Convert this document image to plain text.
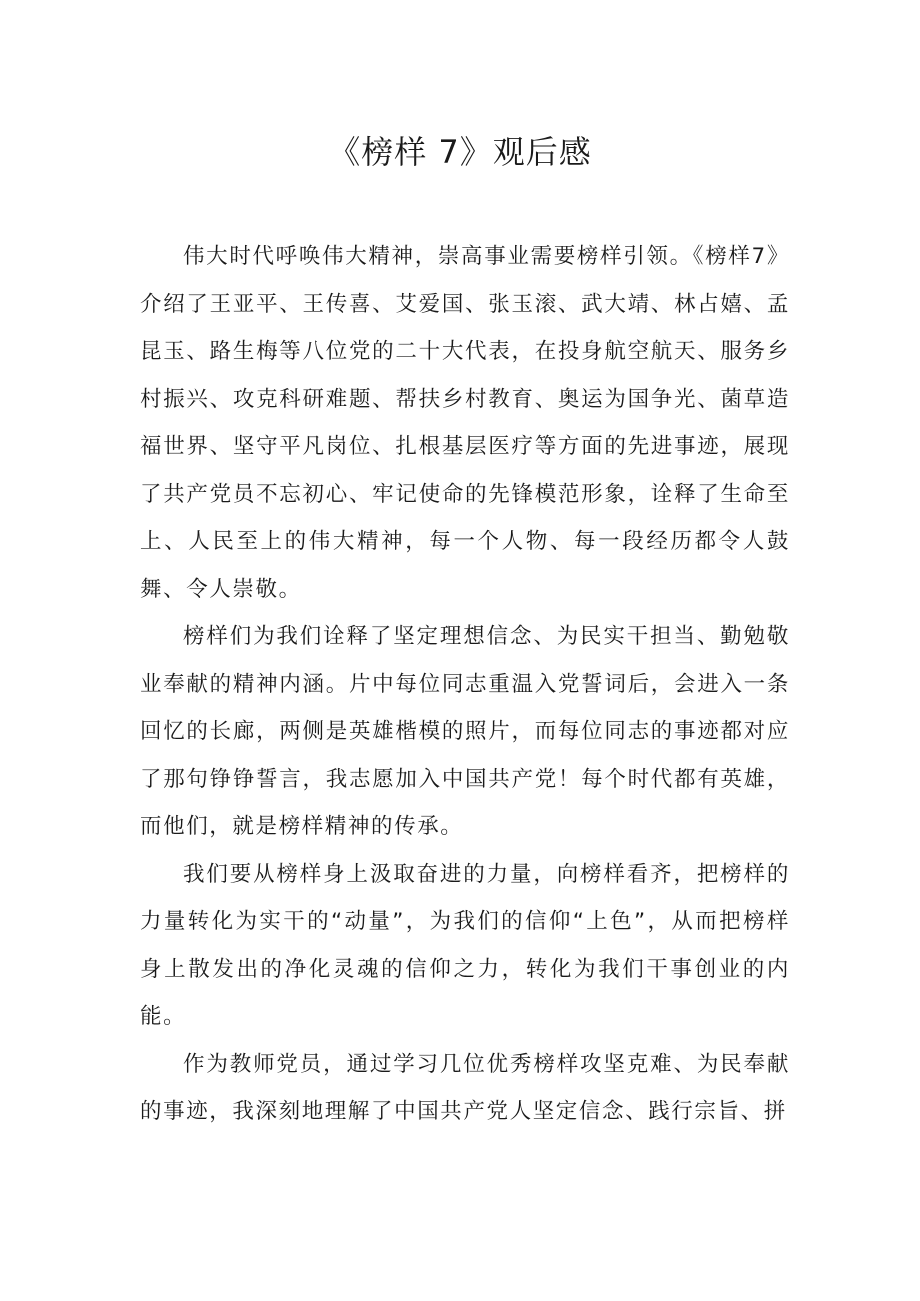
《榜样 7》观后感

伟大时代呼唤伟大精神，崇高事业需要榜样引领。《榜样7》介绍了王亚平、王传喜、艾爱国、张玉滚、武大靖、林占嬉、孟昆玉、路生梅等八位党的二十大代表，在投身航空航天、服务乡村振兴、攻克科研难题、帮扶乡村教育、奥运为国争光、菌草造福世界、坚守平凡岗位、扎根基层医疗等方面的先进事迹，展现了共产党员不忘初心、牢记使命的先锋模范形象，诠释了生命至上、人民至上的伟大精神，每一个人物、每一段经历都令人鼓舞、令人崇敬。

榜样们为我们诠释了坚定理想信念、为民实干担当、勤勉敬业奉献的精神内涵。片中每位同志重温入党誓词后，会进入一条回忆的长廊，两侧是英雄楷模的照片，而每位同志的事迹都对应了那句铮铮誓言，我志愿加入中国共产党！每个时代都有英雄，而他们，就是榜样精神的传承。

我们要从榜样身上汲取奋进的力量，向榜样看齐，把榜样的力量转化为实干的“动量”，为我们的信仰“上色”，从而把榜样身上散发出的净化灵魂的信仰之力，转化为我们干事创业的内能。

作为教师党员，通过学习几位优秀榜样攻坚克难、为民奉献的事迹，我深刻地理解了中国共产党人坚定信念、践行宗旨、拼
